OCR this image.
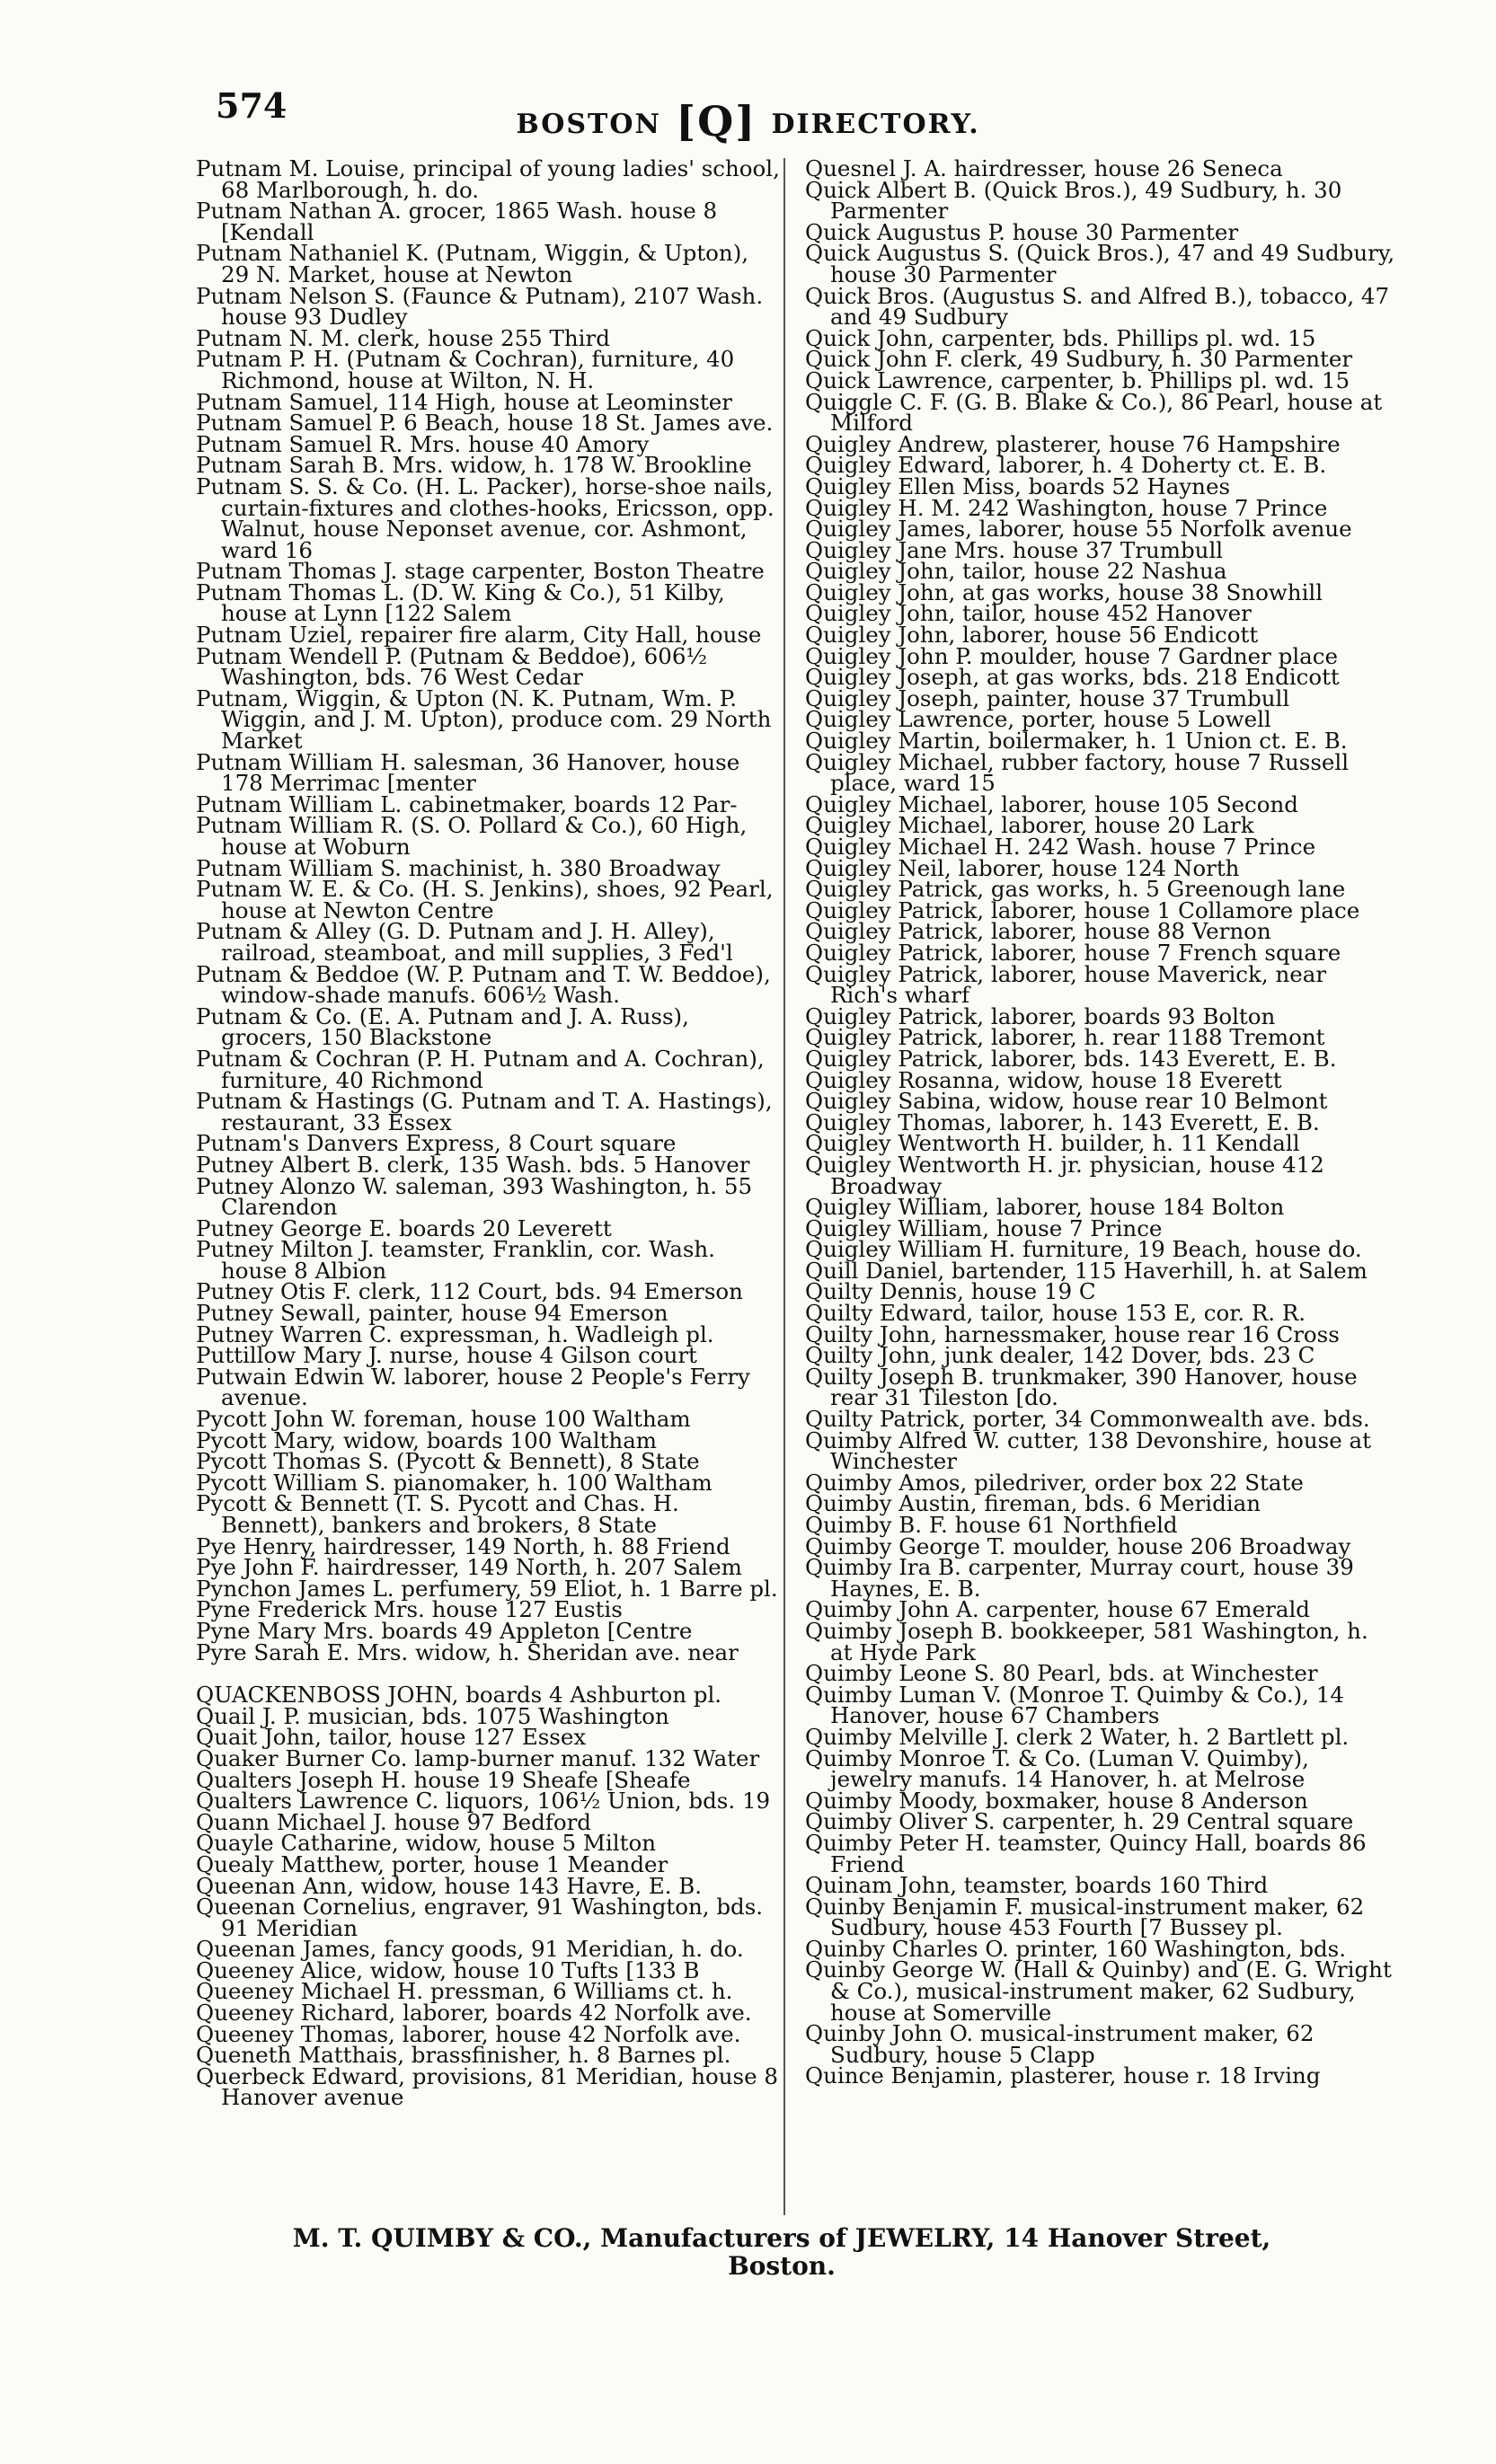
574	BOSTON [Q] DIRECTORY.
Putnam M. Louise, principal of young ladies' school, 68 Marlborough, h. do.
Putnam Nathan A. grocer, 1865 Wash. house 8 [Kendall
Putnam Nathaniel K. (Putnam, Wiggin, & Upton), 29 N. Market, house at Newton
Putnam Nelson S. (Faunce & Putnam), 2107 Wash. house 93 Dudley
Putnam N. M. clerk, house 255 Third
Putnam P. H. (Putnam & Cochran), furniture, 40 Richmond, house at Wilton, N. H.
Putnam Samuel, 114 High, house at Leominster
Putnam Samuel P. 6 Beach, house 18 St. James ave.
Putnam Samuel R. Mrs. house 40 Amory
Putnam Sarah B. Mrs. widow, h. 178 W. Brookline
Putnam S. S. & Co. (H. L. Packer), horse-shoe nails, curtain-fixtures and clothes-hooks, Ericsson, opp. Walnut, house Neponset avenue, cor. Ashmont, ward 16
Putnam Thomas J. stage carpenter, Boston Theatre
Putnam Thomas L. (D. W. King & Co.), 51 Kilby, house at Lynn [122 Salem
Putnam Uziel, repairer fire alarm, City Hall, house
Putnam Wendell P. (Putnam & Beddoe), 606½ Washington, bds. 76 West Cedar
Putnam, Wiggin, & Upton (N. K. Putnam, Wm. P. Wiggin, and J. M. Upton), produce com. 29 North Market
Putnam William H. salesman, 36 Hanover, house 178 Merrimac [menter
Putnam William L. cabinetmaker, boards 12 Par-
Putnam William R. (S. O. Pollard & Co.), 60 High, house at Woburn
Putnam William S. machinist, h. 380 Broadway
Putnam W. E. & Co. (H. S. Jenkins), shoes, 92 Pearl, house at Newton Centre
Putnam & Alley (G. D. Putnam and J. H. Alley), railroad, steamboat, and mill supplies, 3 Fed'l
Putnam & Beddoe (W. P. Putnam and T. W. Beddoe), window-shade manufs. 606½ Wash.
Putnam & Co. (E. A. Putnam and J. A. Russ), grocers, 150 Blackstone
Putnam & Cochran (P. H. Putnam and A. Cochran), furniture, 40 Richmond
Putnam & Hastings (G. Putnam and T. A. Hastings), restaurant, 33 Essex
Putnam's Danvers Express, 8 Court square
Putney Albert B. clerk, 135 Wash. bds. 5 Hanover
Putney Alonzo W. saleman, 393 Washington, h. 55 Clarendon
Putney George E. boards 20 Leverett
Putney Milton J. teamster, Franklin, cor. Wash. house 8 Albion
Putney Otis F. clerk, 112 Court, bds. 94 Emerson
Putney Sewall, painter, house 94 Emerson
Putney Warren C. expressman, h. Wadleigh pl.
Puttillow Mary J. nurse, house 4 Gilson court
Putwain Edwin W. laborer, house 2 People's Ferry avenue.
Pycott John W. foreman, house 100 Waltham
Pycott Mary, widow, boards 100 Waltham
Pycott Thomas S. (Pycott & Bennett), 8 State
Pycott William S. pianomaker, h. 100 Waltham
Pycott & Bennett (T. S. Pycott and Chas. H. Bennett), bankers and brokers, 8 State
Pye Henry, hairdresser, 149 North, h. 88 Friend
Pye John F. hairdresser, 149 North, h. 207 Salem
Pynchon James L. perfumery, 59 Eliot, h. 1 Barre pl.
Pyne Frederick Mrs. house 127 Eustis
Pyne Mary Mrs. boards 49 Appleton [Centre
Pyre Sarah E. Mrs. widow, h. Sheridan ave. near
QUACKENBOSS JOHN, boards 4 Ashburton pl.
Quail J. P. musician, bds. 1075 Washington
Quait John, tailor, house 127 Essex
Quaker Burner Co. lamp-burner manuf. 132 Water
Qualters Joseph H. house 19 Sheafe [Sheafe
Qualters Lawrence C. liquors, 106½ Union, bds. 19
Quann Michael J. house 97 Bedford
Quayle Catharine, widow, house 5 Milton
Quealy Matthew, porter, house 1 Meander
Queenan Ann, widow, house 143 Havre, E. B.
Queenan Cornelius, engraver, 91 Washington, bds. 91 Meridian
Queenan James, fancy goods, 91 Meridian, h. do.
Queeney Alice, widow, house 10 Tufts [133 B
Queeney Michael H. pressman, 6 Williams ct. h.
Queeney Richard, laborer, boards 42 Norfolk ave.
Queeney Thomas, laborer, house 42 Norfolk ave.
Queneth Matthais, brassfinisher, h. 8 Barnes pl.
Querbeck Edward, provisions, 81 Meridian, house 8 Hanover avenue
Quesnel J. A. hairdresser, house 26 Seneca
Quick Albert B. (Quick Bros.), 49 Sudbury, h. 30 Parmenter
Quick Augustus P. house 30 Parmenter
Quick Augustus S. (Quick Bros.), 47 and 49 Sudbury, house 30 Parmenter
Quick Bros. (Augustus S. and Alfred B.), tobacco, 47 and 49 Sudbury
Quick John, carpenter, bds. Phillips pl. wd. 15
Quick John F. clerk, 49 Sudbury, h. 30 Parmenter
Quick Lawrence, carpenter, b. Phillips pl. wd. 15
Quiggle C. F. (G. B. Blake & Co.), 86 Pearl, house at Milford
Quigley Andrew, plasterer, house 76 Hampshire
Quigley Edward, laborer, h. 4 Doherty ct. E. B.
Quigley Ellen Miss, boards 52 Haynes
Quigley H. M. 242 Washington, house 7 Prince
Quigley James, laborer, house 55 Norfolk avenue
Quigley Jane Mrs. house 37 Trumbull
Quigley John, tailor, house 22 Nashua
Quigley John, at gas works, house 38 Snowhill
Quigley John, tailor, house 452 Hanover
Quigley John, laborer, house 56 Endicott
Quigley John P. moulder, house 7 Gardner place
Quigley Joseph, at gas works, bds. 218 Endicott
Quigley Joseph, painter, house 37 Trumbull
Quigley Lawrence, porter, house 5 Lowell
Quigley Martin, boilermaker, h. 1 Union ct. E. B.
Quigley Michael, rubber factory, house 7 Russell place, ward 15
Quigley Michael, laborer, house 105 Second
Quigley Michael, laborer, house 20 Lark
Quigley Michael H. 242 Wash. house 7 Prince
Quigley Neil, laborer, house 124 North
Quigley Patrick, gas works, h. 5 Greenough lane
Quigley Patrick, laborer, house 1 Collamore place
Quigley Patrick, laborer, house 88 Vernon
Quigley Patrick, laborer, house 7 French square
Quigley Patrick, laborer, house Maverick, near Rich's wharf
Quigley Patrick, laborer, boards 93 Bolton
Quigley Patrick, laborer, h. rear 1188 Tremont
Quigley Patrick, laborer, bds. 143 Everett, E. B.
Quigley Rosanna, widow, house 18 Everett
Quigley Sabina, widow, house rear 10 Belmont
Quigley Thomas, laborer, h. 143 Everett, E. B.
Quigley Wentworth H. builder, h. 11 Kendall
Quigley Wentworth H. jr. physician, house 412 Broadway
Quigley William, laborer, house 184 Bolton
Quigley William, house 7 Prince
Quigley William H. furniture, 19 Beach, house do.
Quill Daniel, bartender, 115 Haverhill, h. at Salem
Quilty Dennis, house 19 C
Quilty Edward, tailor, house 153 E, cor. R. R.
Quilty John, harnessmaker, house rear 16 Cross
Quilty John, junk dealer, 142 Dover, bds. 23 C
Quilty Joseph B. trunkmaker, 390 Hanover, house rear 31 Tileston [do.
Quilty Patrick, porter, 34 Commonwealth ave. bds.
Quimby Alfred W. cutter, 138 Devonshire, house at Winchester
Quimby Amos, piledriver, order box 22 State
Quimby Austin, fireman, bds. 6 Meridian
Quimby B. F. house 61 Northfield
Quimby George T. moulder, house 206 Broadway
Quimby Ira B. carpenter, Murray court, house 39 Haynes, E. B.
Quimby John A. carpenter, house 67 Emerald
Quimby Joseph B. bookkeeper, 581 Washington, h. at Hyde Park
Quimby Leone S. 80 Pearl, bds. at Winchester
Quimby Luman V. (Monroe T. Quimby & Co.), 14 Hanover, house 67 Chambers
Quimby Melville J. clerk 2 Water, h. 2 Bartlett pl.
Quimby Monroe T. & Co. (Luman V. Quimby), jewelry manufs. 14 Hanover, h. at Melrose
Quimby Moody, boxmaker, house 8 Anderson
Quimby Oliver S. carpenter, h. 29 Central square
Quimby Peter H. teamster, Quincy Hall, boards 86 Friend
Quinam John, teamster, boards 160 Third
Quinby Benjamin F. musical-instrument maker, 62 Sudbury, house 453 Fourth [7 Bussey pl.
Quinby Charles O. printer, 160 Washington, bds.
Quinby George W. (Hall & Quinby) and (E. G. Wright & Co.), musical-instrument maker, 62 Sudbury, house at Somerville
Quinby John O. musical-instrument maker, 62 Sudbury, house 5 Clapp
Quince Benjamin, plasterer, house r. 18 Irving
M. T. QUIMBY & CO., Manufacturers of JEWELRY, 14 Hanover Street,
Boston.
